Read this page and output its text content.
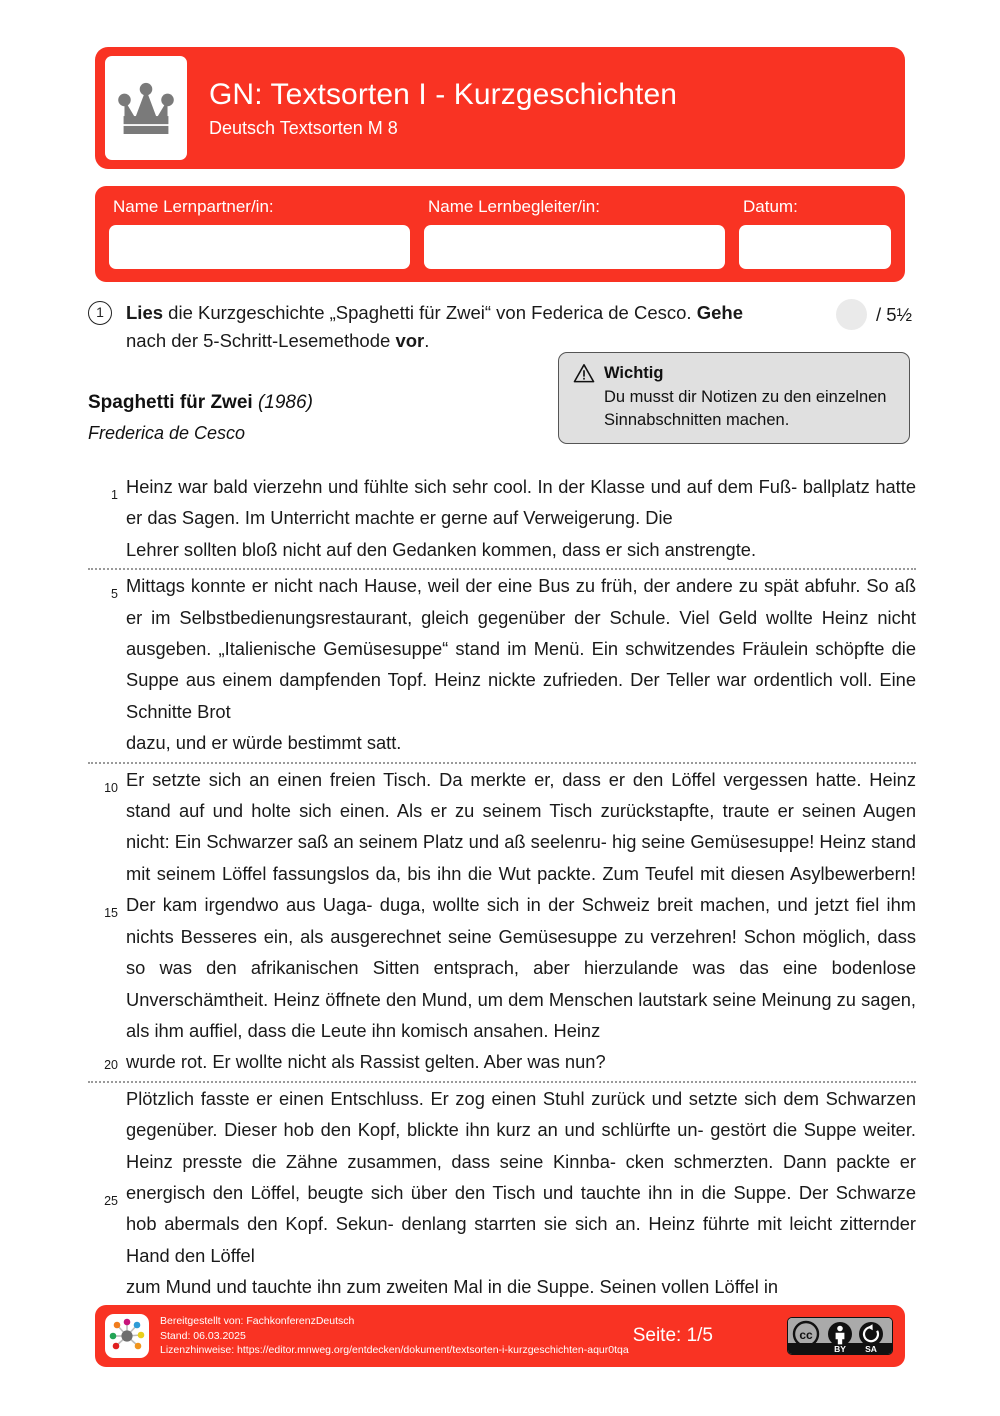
GN: Textsorten I - Kurzgeschichten
Deutsch Textsorten M 8
Name Lernpartner/in:	Name Lernbegleiter/in:	Datum:
1	Lies die Kurzgeschichte „Spaghetti für Zwei“ von Federica de Cesco. Gehe
nach der 5-Schritt-Lesemethode vor.
/ 5½
Spaghetti für Zwei (1986)
Frederica de Cesco
Wichtig
Du musst dir Notizen zu den einzelnen Sinnabschnitten machen.
Heinz war bald vierzehn und fühlte sich sehr cool. In der Klasse und auf dem Fuß- ballplatz hatte er das Sagen. Im Unterricht machte er gerne auf Verweigerung. Die
Lehrer sollten bloß nicht auf den Gedanken kommen, dass er sich anstrengte.
1
Mittags konnte er nicht nach Hause, weil der eine Bus zu früh, der andere zu spät abfuhr. So aß er im Selbstbedienungsrestaurant, gleich gegenüber der Schule. Viel Geld wollte Heinz nicht ausgeben. „Italienische Gemüsesuppe“ stand im Menü. Ein schwitzendes Fräulein schöpfte die Suppe aus einem dampfenden Topf. Heinz nickte zufrieden. Der Teller war ordentlich voll. Eine Schnitte Brot
dazu, und er würde bestimmt satt.
5
Er setzte sich an einen freien Tisch. Da merkte er, dass er den Löffel vergessen hatte. Heinz stand auf und holte sich einen. Als er zu seinem Tisch zurückstapfte, traute er seinen Augen nicht: Ein Schwarzer saß an seinem Platz und aß seelenru- hig seine Gemüsesuppe! Heinz stand mit seinem Löffel fassungslos da, bis ihn die Wut packte. Zum Teufel mit diesen Asylbewerbern! Der kam irgendwo aus Uaga- duga, wollte sich in der Schweiz breit machen, und jetzt fiel ihm nichts Besseres ein, als ausgerechnet seine Gemüsesuppe zu verzehren! Schon möglich, dass so was den afrikanischen Sitten entsprach, aber hierzulande was das eine bodenlose Unverschämtheit. Heinz öffnete den Mund, um dem Menschen lautstark seine Meinung zu sagen, als ihm auffiel, dass die Leute ihn komisch ansahen. Heinz
wurde rot. Er wollte nicht als Rassist gelten. Aber was nun?
10
15
20
Plötzlich fasste er einen Entschluss. Er zog einen Stuhl zurück und setzte sich dem Schwarzen gegenüber. Dieser hob den Kopf, blickte ihn kurz an und schlürfte un- gestört die Suppe weiter. Heinz presste die Zähne zusammen, dass seine Kinnba- cken schmerzten. Dann packte er energisch den Löffel, beugte sich über den Tisch und tauchte ihn in die Suppe. Der Schwarze hob abermals den Kopf. Sekun- denlang starrten sie sich an. Heinz führte mit leicht zitternder Hand den Löffel
zum Mund und tauchte ihn zum zweiten Mal in die Suppe. Seinen vollen Löffel in
25
Bereitgestellt von: FachkonferenzDeutsch
Stand: 06.03.2025
Lizenzhinweise: https://editor.mnweg.org/entdecken/dokument/textsorten-i-kurzgeschichten-aqur0tqa
Seite: 1/5	cc
BY SA
